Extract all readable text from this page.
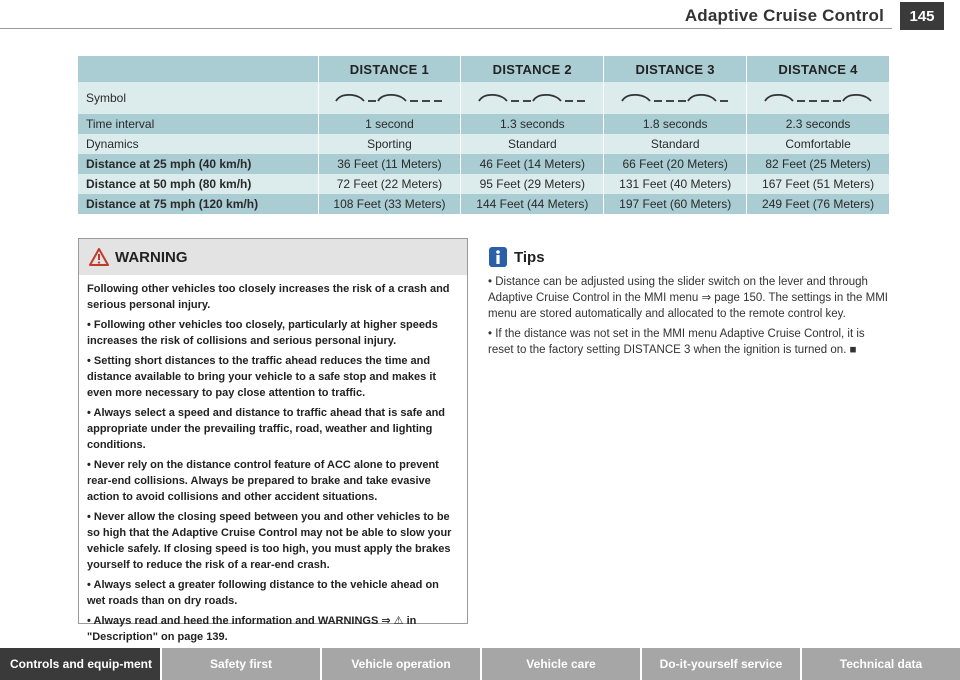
Adaptive Cruise Control	145
	DISTANCE 1	DISTANCE 2	DISTANCE 3	DISTANCE 4
Symbol	

Time interval	1 second	1.3 seconds	1.8 seconds	2.3 seconds
Dynamics	Sporting	Standard	Standard	Comfortable
Distance at 25 mph (40 km/h)	36 Feet (11 Meters)	46 Feet (14 Meters)	66 Feet (20 Meters)	82 Feet (25 Meters)
Distance at 50 mph (80 km/h)	72 Feet (22 Meters)	95 Feet (29 Meters)	131 Feet (40 Meters)	167 Feet (51 Meters)
Distance at 75 mph (120 km/h)	108 Feet (33 Meters)	144 Feet (44 Meters)	197 Feet (60 Meters)	249 Feet (76 Meters)
WARNING

Following other vehicles too closely increases the risk of a crash and serious personal injury.

• Following other vehicles too closely, particularly at higher speeds increases the risk of collisions and serious personal injury.

• Setting short distances to the traffic ahead reduces the time and distance available to bring your vehicle to a safe stop and makes it even more necessary to pay close attention to traffic.

• Always select a speed and distance to traffic ahead that is safe and appropriate under the prevailing traffic, road, weather and lighting conditions.

• Never rely on the distance control feature of ACC alone to prevent rear-end collisions. Always be prepared to brake and take evasive action to avoid collisions and other accident situations.

• Never allow the closing speed between you and other vehicles to be so high that the Adaptive Cruise Control may not be able to slow your vehicle safely. If closing speed is too high, you must apply the brakes yourself to reduce the risk of a rear-end crash.

• Always select a greater following distance to the vehicle ahead on wet roads than on dry roads.

• Always read and heed the information and WARNINGS ⇒ ⚠ in "Description" on page 139.

Tips

• Distance can be adjusted using the slider switch on the lever and through Adaptive Cruise Control in the MMI menu ⇒ page 150. The settings in the MMI menu are stored automatically and allocated to the remote control key.

• If the distance was not set in the MMI menu Adaptive Cruise Control, it is reset to the factory setting DISTANCE 3 when the ignition is turned on. ■

Controls and equip-ment	Safety first	Vehicle operation	Vehicle care	Do-it-yourself service	Technical data
